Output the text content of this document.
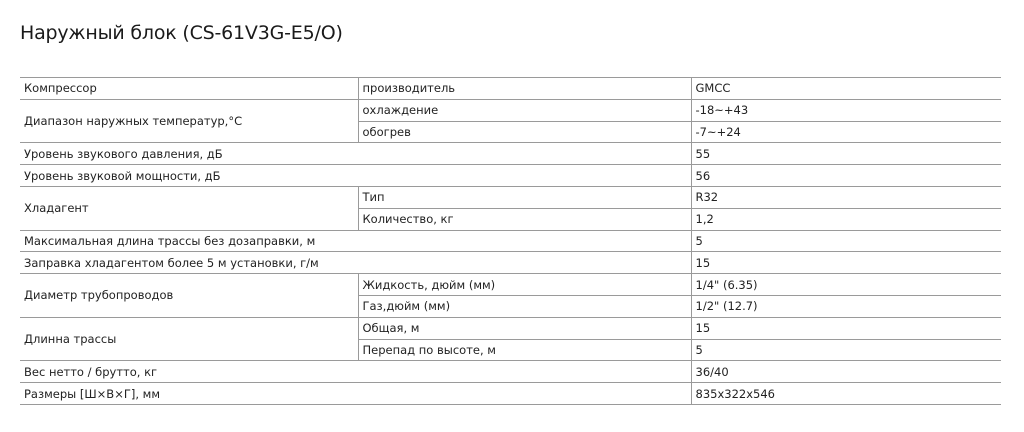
Наружный блок (CS-61V3G-E5/O)
Компрессор	производитель	GMCC
Диапазон наружных температур,°С	охлаждение	-18~+43
	обогрев	-7~+24
Уровень звукового давления, дБ		55
Уровень звуковой мощности, дБ		56
Хладагент	Тип	R32
	Количество, кг	1,2
Максимальная длина трассы без дозаправки, м		5
Заправка хладагентом более 5 м установки, г/м		15
Диаметр трубопроводов	Жидкость, дюйм (мм)	1/4" (6.35)
	Газ,дюйм (мм)	1/2" (12.7)
Длинна трассы	Общая, м	15
	Перепад по высоте, м	5
Вес нетто / брутто, кг		36/40
Размеры [Ш×В×Г], мм		835x322x546
